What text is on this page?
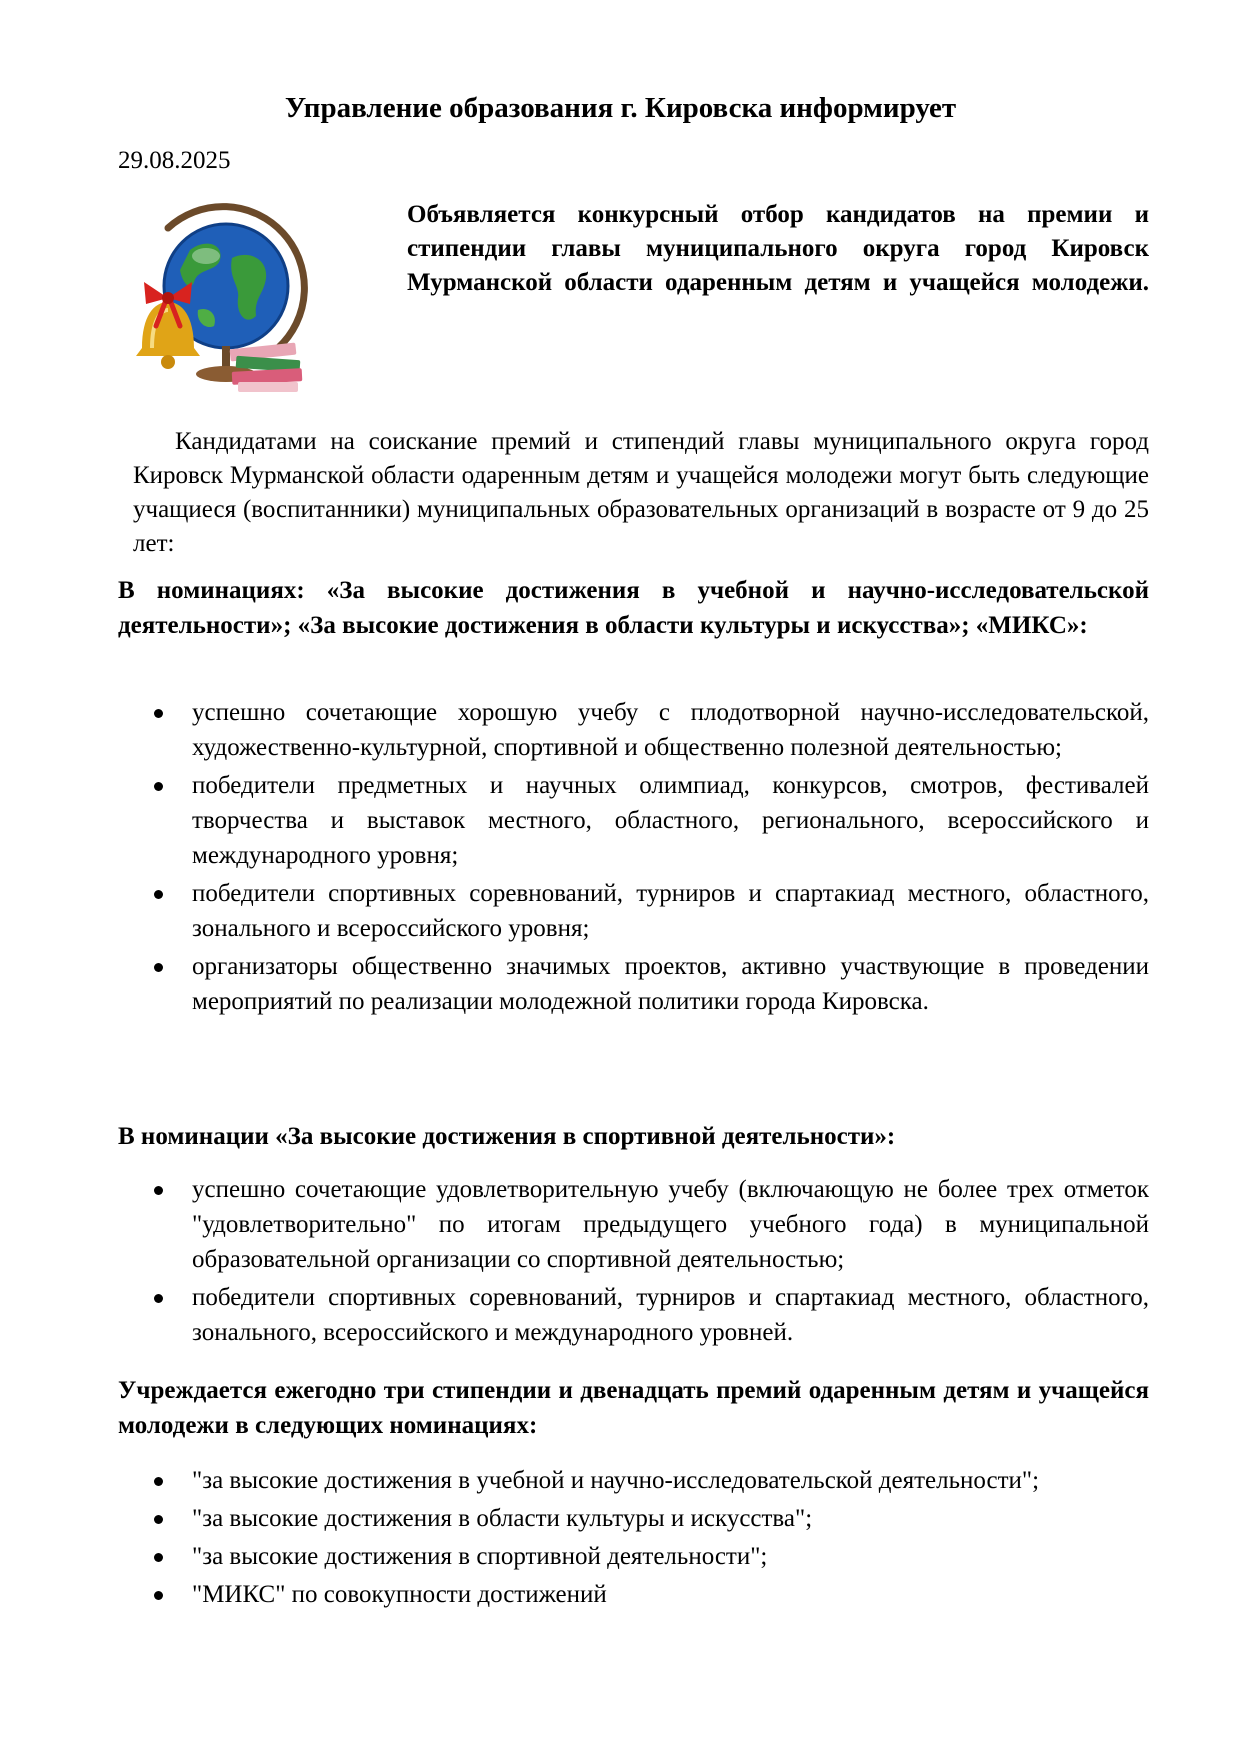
Управление образования г. Кировска информирует
29.08.2025

Объявляется конкурсный отбор кандидатов на премии и стипендии главы муниципального округа город Кировск Мурманской области одаренным детям и учащейся молодежи.

Кандидатами на соискание премий и стипендий главы муниципального округа город Кировск Мурманской области одаренным детям и учащейся молодежи могут быть следующие учащиеся (воспитанники) муниципальных образовательных организаций в возрасте от 9 до 25 лет:

В номинациях: «За высокие достижения в учебной и научно-исследовательской деятельности»; «За высокие достижения в области культуры и искусства»; «МИКС»:

успешно сочетающие хорошую учебу с плодотворной научно-исследовательской, художественно-культурной, спортивной и общественно полезной деятельностью;
победители предметных и научных олимпиад, конкурсов, смотров, фестивалей творчества и выставок местного, областного, регионального, всероссийского и международного уровня;
победители спортивных соревнований, турниров и спартакиад местного, областного, зонального и всероссийского уровня;
организаторы общественно значимых проектов, активно участвующие в проведении мероприятий по реализации молодежной политики города Кировска.

В номинации «За высокие достижения в спортивной деятельности»:

успешно сочетающие удовлетворительную учебу (включающую не более трех отметок "удовлетворительно" по итогам предыдущего учебного года) в муниципальной образовательной организации со спортивной деятельностью;
победители спортивных соревнований, турниров и спартакиад местного, областного, зонального, всероссийского и международного уровней.

Учреждается ежегодно три стипендии и двенадцать премий одаренным детям и учащейся молодежи в следующих номинациях:

"за высокие достижения в учебной и научно-исследовательской деятельности";
"за высокие достижения в области культуры и искусства";
"за высокие достижения в спортивной деятельности";
"МИКС" по совокупности достижений
